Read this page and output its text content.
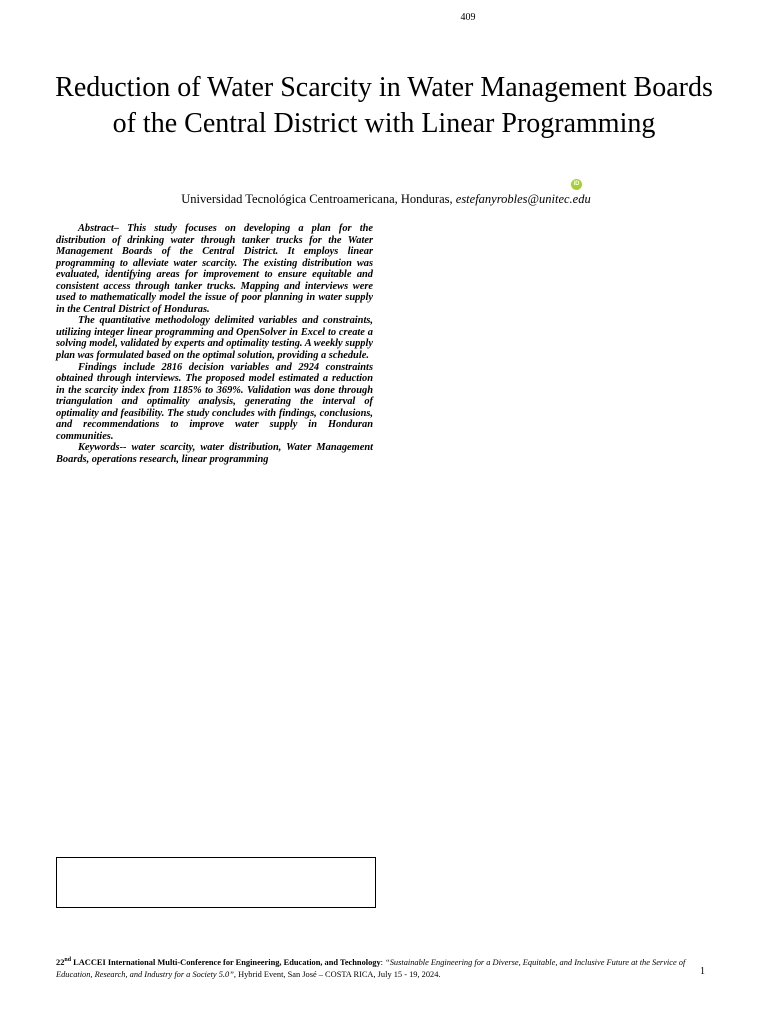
409
Reduction of Water Scarcity in Water Management Boards of the Central District with Linear Programming
iD
Universidad Tecnológica Centroamericana, Honduras, estefanyrobles@unitec.edu

Abstract– This study focuses on developing a plan for the distribution of drinking water through tanker trucks for the Water Management Boards of the Central District. It employs linear programming to alleviate water scarcity. The existing distribution was evaluated, identifying areas for improvement to ensure equitable and consistent access through tanker trucks. Mapping and interviews were used to mathematically model the issue of poor planning in water supply in the Central District of Honduras.

The quantitative methodology delimited variables and constraints, utilizing integer linear programming and OpenSolver in Excel to create a solving model, validated by experts and optimality testing. A weekly supply plan was formulated based on the optimal solution, providing a schedule.

Findings include 2816 decision variables and 2924 constraints obtained through interviews. The proposed model estimated a reduction in the scarcity index from 1185% to 369%. Validation was done through triangulation and optimality analysis, generating the interval of optimality and feasibility. The study concludes with findings, conclusions, and recommendations to improve water supply in Honduran communities.

Keywords-- water scarcity, water distribution, Water Management Boards, operations research, linear programming

22nd LACCEI International Multi-Conference for Engineering, Education, and Technology: “Sustainable Engineering for a Diverse, Equitable, and Inclusive Future at the Service of Education, Research, and Industry for a Society 5.0”, Hybrid Event, San José – COSTA RICA, July 15 - 19, 2024.	1
